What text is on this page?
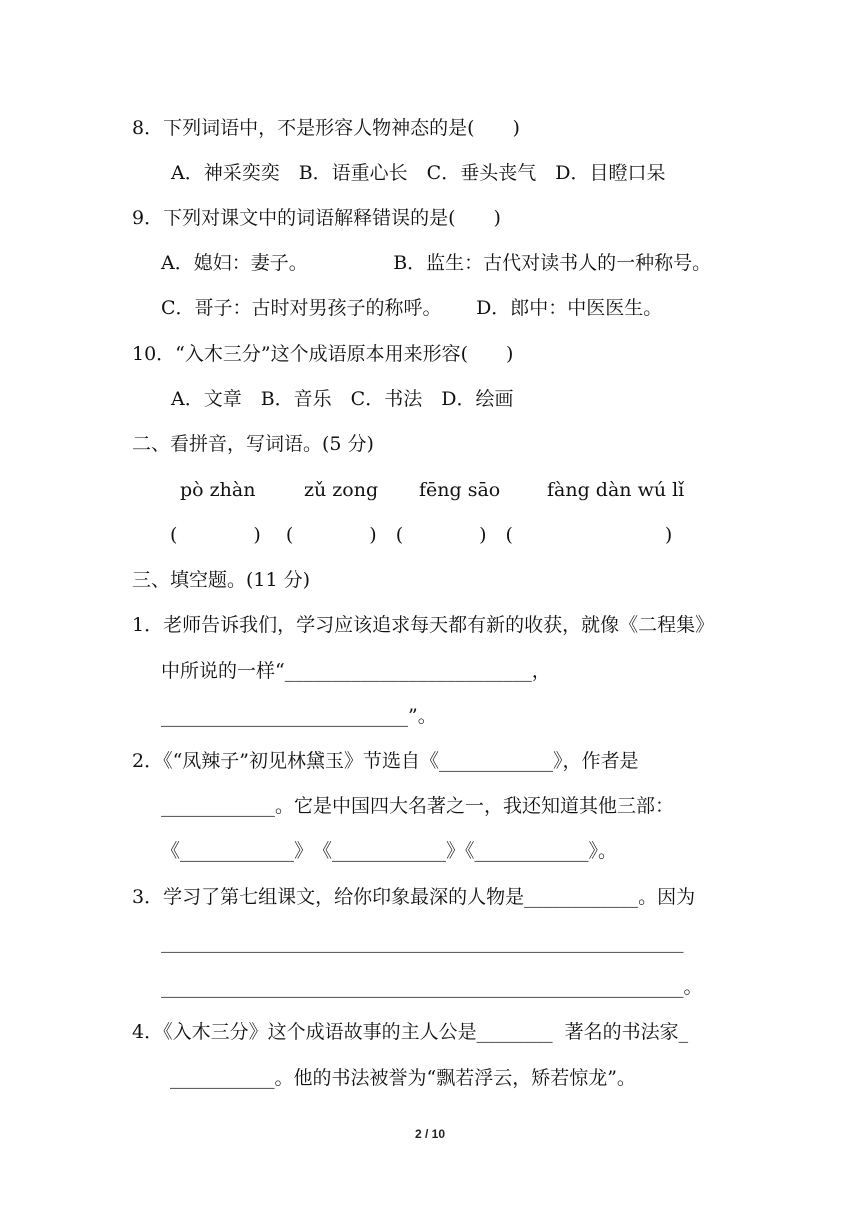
8．下列词语中，不是形容人物神态的是(　　)
A．神采奕奕　B．语重心长　C．垂头丧气　D．目瞪口呆
9．下列对课文中的词语解释错误的是(　　)
A．媳妇：妻子。　　　　　B．监生：古代对读书人的一种称号。
C．哥子：古时对男孩子的称呼。　　 D．郎中：中医医生。
10．“入木三分”这个成语原本用来形容(　　)
A．文章　B．音乐　C．书法　D．绘画
二、看拼音，写词语。(5 分)
pò zhàn	zǔ zong fēng sāo fàng dàn wú lǐ
(　　　　)　 (　　　　)　(　　　　)　(　　　　　　　　)
三、填空题。(11 分)
1．老师告诉我们，学习应该追求每天都有新的收获，就像《二程集》
中所说的一样“__________________________，
__________________________”。
2．《“凤辣子”初见林黛玉》节选自《____________》，作者是
____________。它是中国四大名著之一，我还知道其他三部：
《____________》　《____________》《____________》。
3．学习了第七组课文，给你印象最深的人物是____________。因为
_______________________________________________________
_______________________________________________________。
4．《入木三分》这个成语故事的主人公是________  著名的书法家_
___________。他的书法被誉为“飘若浮云，矫若惊龙”。
2 / 10
